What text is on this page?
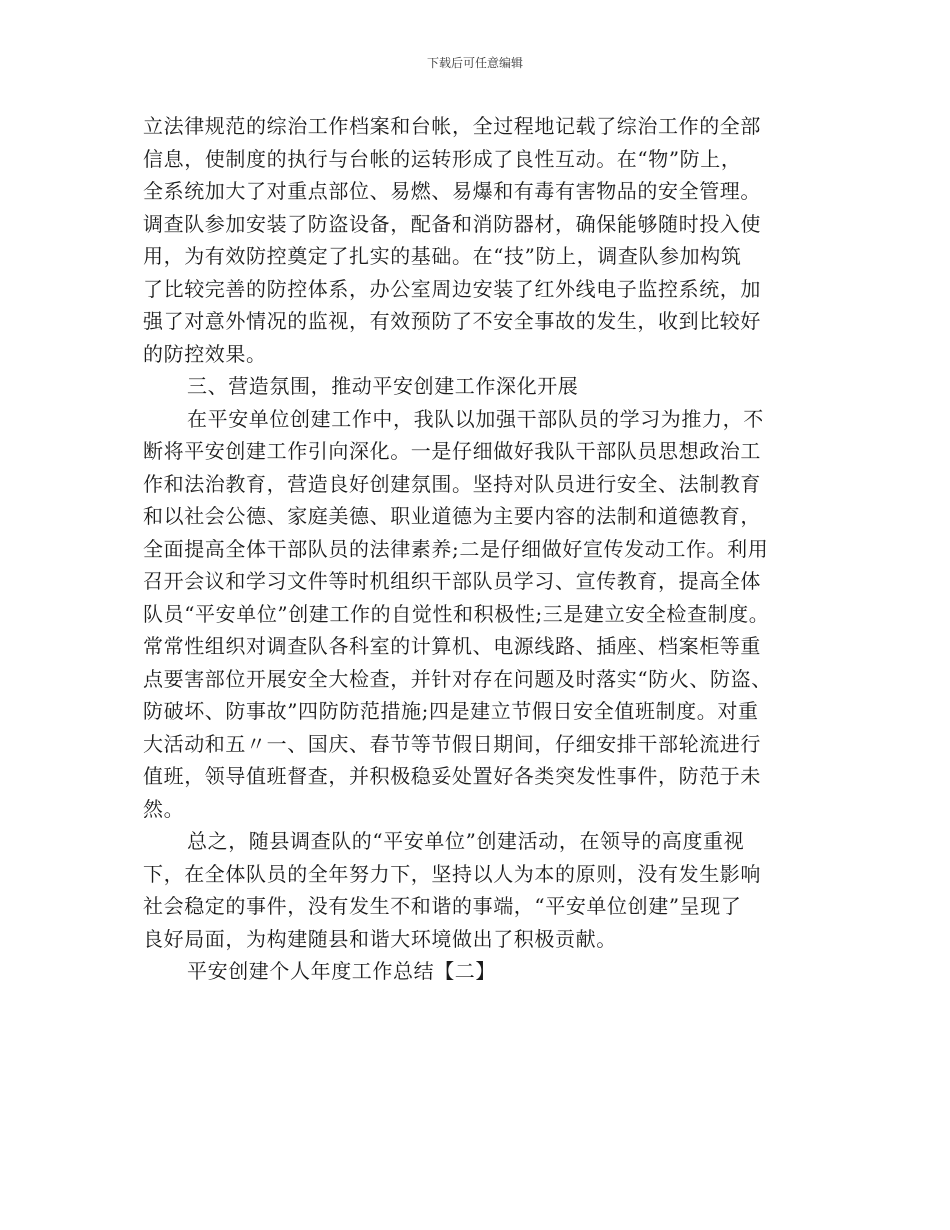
下载后可任意编辑
立法律规范的综治工作档案和台帐，全过程地记载了综治工作的全部
信息，使制度的执行与台帐的运转形成了良性互动。在“物”防上，
全系统加大了对重点部位、易燃、易爆和有毒有害物品的安全管理。
调查队参加安装了防盗设备，配备和消防器材，确保能够随时投入使
用，为有效防控奠定了扎实的基础。在“技”防上，调查队参加构筑
了比较完善的防控体系，办公室周边安装了红外线电子监控系统，加
强了对意外情况的监视，有效预防了不安全事故的发生，收到比较好
的防控效果。
三、营造氛围，推动平安创建工作深化开展
在平安单位创建工作中，我队以加强干部队员的学习为推力，不
断将平安创建工作引向深化。一是仔细做好我队干部队员思想政治工
作和法治教育，营造良好创建氛围。坚持对队员进行安全、法制教育
和以社会公德、家庭美德、职业道德为主要内容的法制和道德教育，
全面提高全体干部队员的法律素养;二是仔细做好宣传发动工作。利用
召开会议和学习文件等时机组织干部队员学习、宣传教育，提高全体
队员“平安单位”创建工作的自觉性和积极性;三是建立安全检查制度。
常常性组织对调查队各科室的计算机、电源线路、插座、档案柜等重
点要害部位开展安全大检查，并针对存在问题及时落实“防火、防盗、
防破坏、防事故”四防防范措施;四是建立节假日安全值班制度。对重
大活动和五〃一、国庆、春节等节假日期间，仔细安排干部轮流进行
值班，领导值班督查，并积极稳妥处置好各类突发性事件，防范于未
然。
总之，随县调查队的“平安单位”创建活动，在领导的高度重视
下，在全体队员的全年努力下，坚持以人为本的原则，没有发生影响
社会稳定的事件，没有发生不和谐的事端，“平安单位创建”呈现了
良好局面，为构建随县和谐大环境做出了积极贡献。
平安创建个人年度工作总结【二】
